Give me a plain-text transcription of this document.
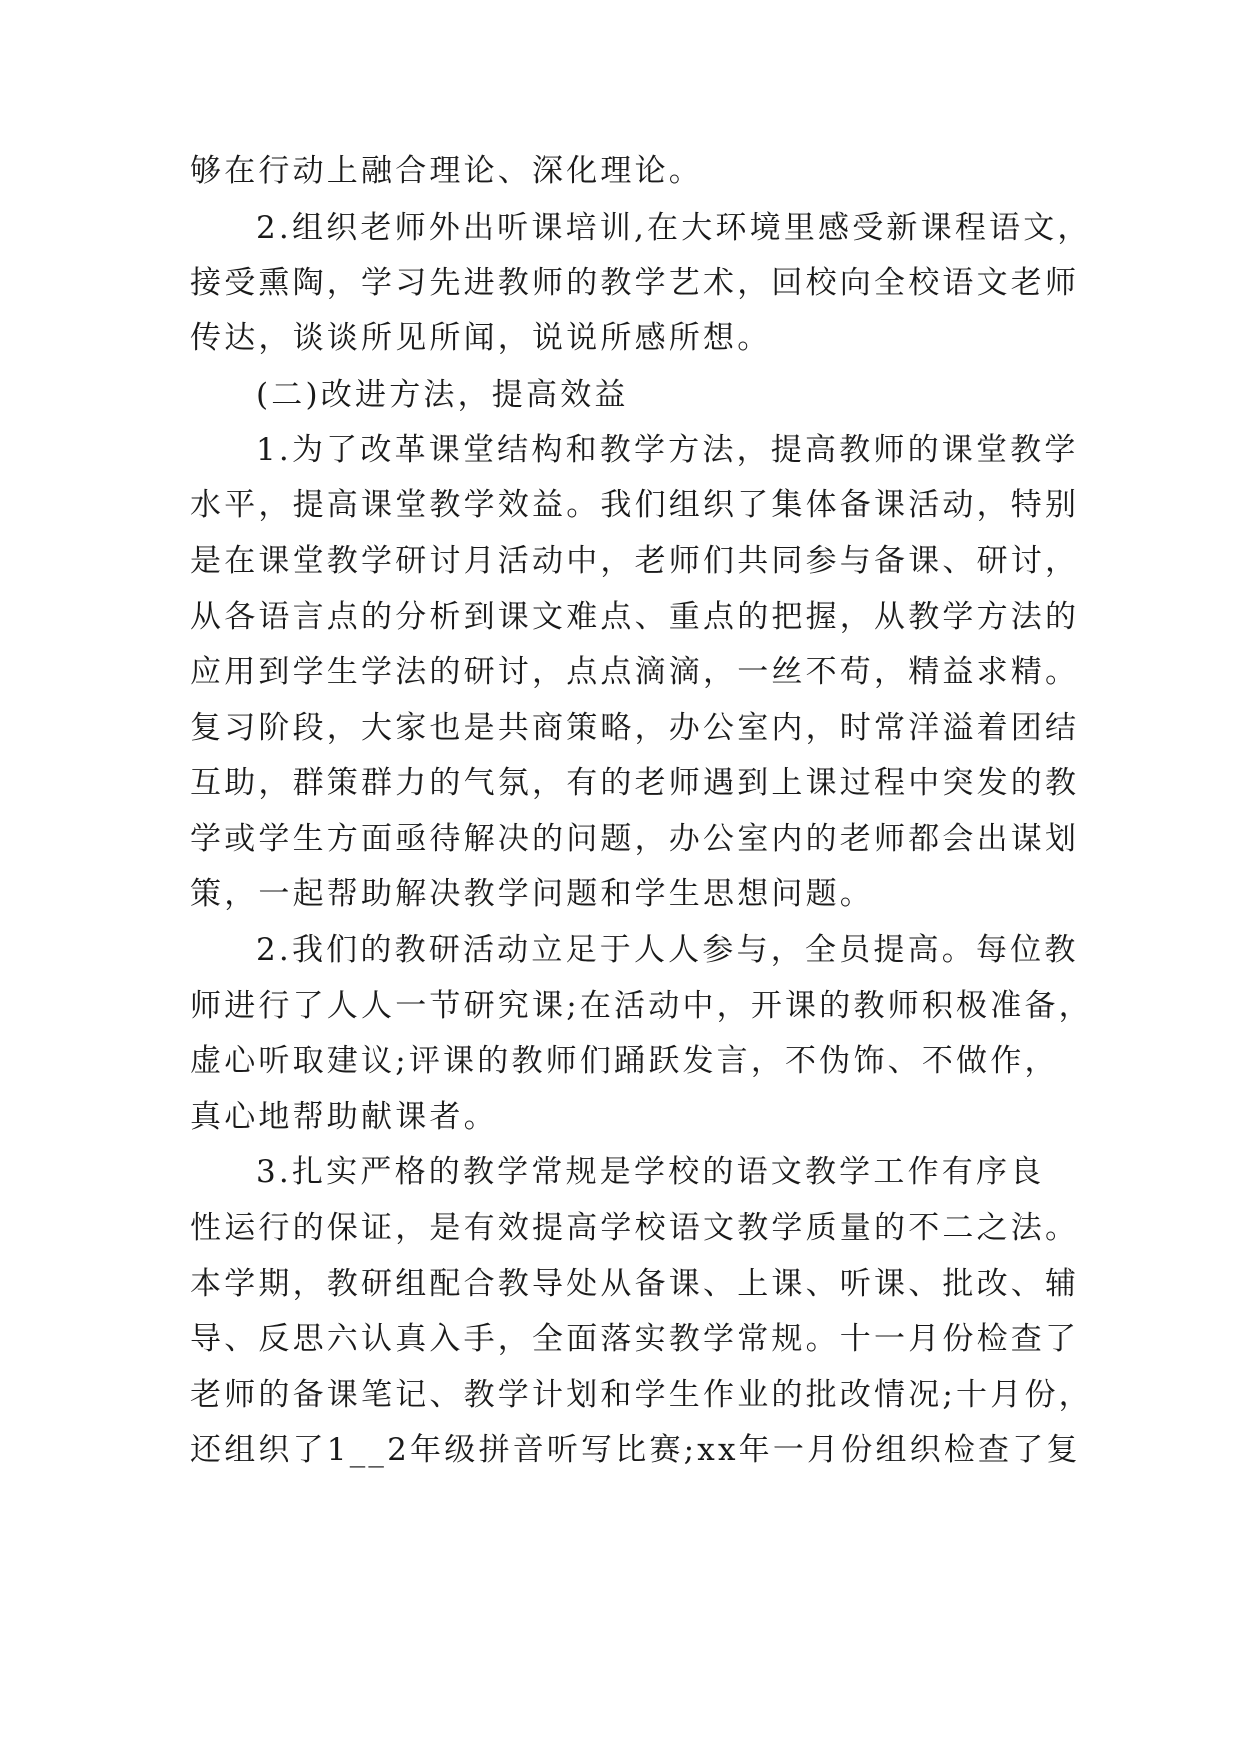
够在行动上融合理论、深化理论。
2.组织老师外出听课培训,在大环境里感受新课程语文，
接受熏陶，学习先进教师的教学艺术，回校向全校语文老师
传达，谈谈所见所闻，说说所感所想。
(二)改进方法，提高效益
1.为了改革课堂结构和教学方法，提高教师的课堂教学
水平，提高课堂教学效益。我们组织了集体备课活动，特别
是在课堂教学研讨月活动中，老师们共同参与备课、研讨，
从各语言点的分析到课文难点、重点的把握，从教学方法的
应用到学生学法的研讨，点点滴滴，一丝不苟，精益求精。
复习阶段，大家也是共商策略，办公室内，时常洋溢着团结
互助，群策群力的气氛，有的老师遇到上课过程中突发的教
学或学生方面亟待解决的问题，办公室内的老师都会出谋划
策，一起帮助解决教学问题和学生思想问题。
2.我们的教研活动立足于人人参与，全员提高。每位教
师进行了人人一节研究课;在活动中，开课的教师积极准备，
虚心听取建议;评课的教师们踊跃发言，不伪饰、不做作，
真心地帮助献课者。
3.扎实严格的教学常规是学校的语文教学工作有序良
性运行的保证，是有效提高学校语文教学质量的不二之法。
本学期，教研组配合教导处从备课、上课、听课、批改、辅
导、反思六认真入手，全面落实教学常规。十一月份检查了
老师的备课笔记、教学计划和学生作业的批改情况;十月份，
还组织了1__2年级拼音听写比赛;xx年一月份组织检查了复
